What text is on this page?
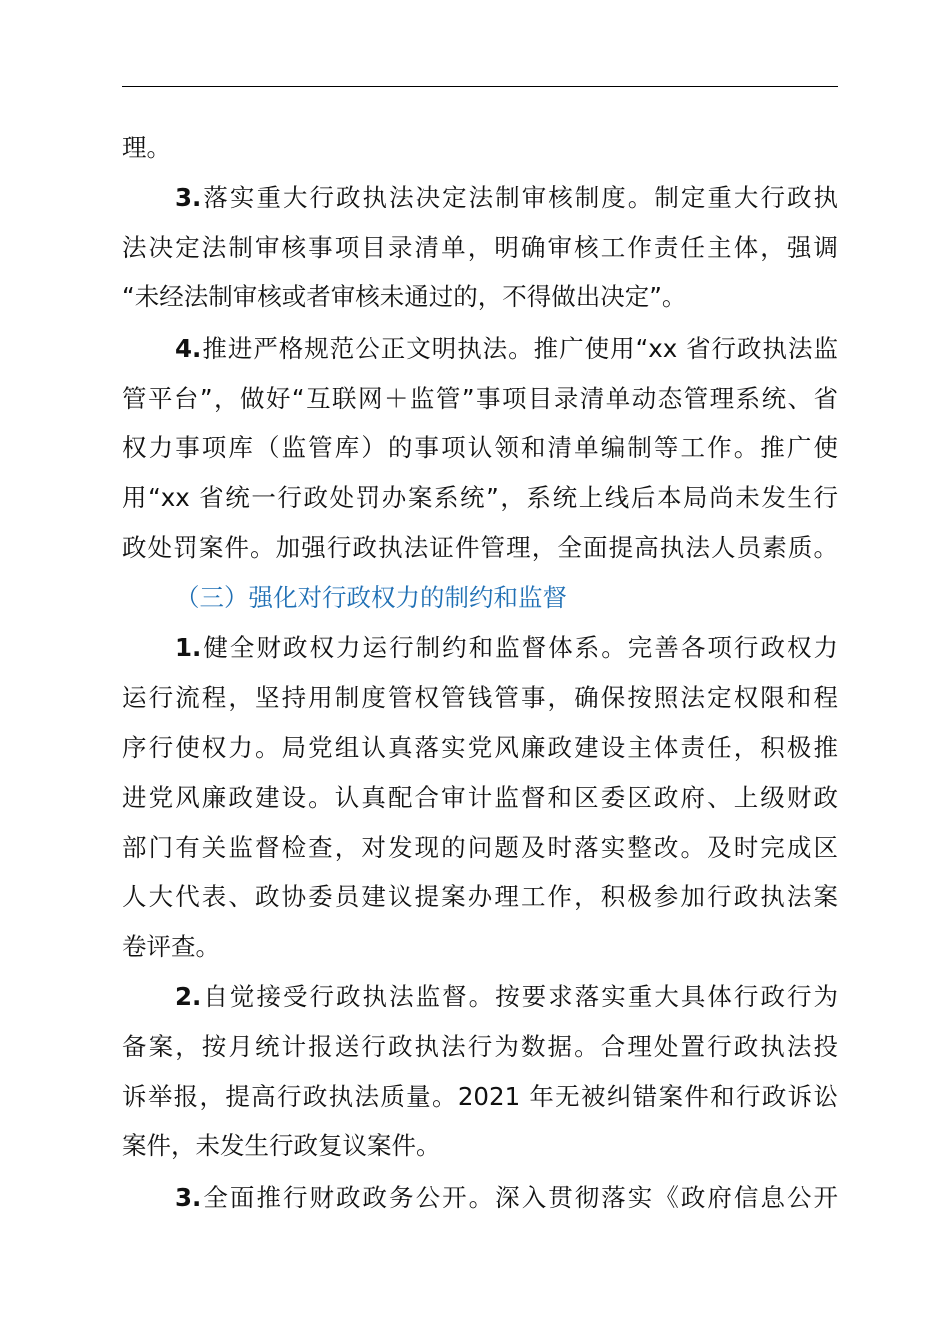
理。
3.落实重大行政执法决定法制审核制度。制定重大行政执
法决定法制审核事项目录清单，明确审核工作责任主体，强调
“未经法制审核或者审核未通过的，不得做出决定”。
4.推进严格规范公正文明执法。推广使用“xx 省行政执法监
管平台”，做好“互联网＋监管”事项目录清单动态管理系统、省
权力事项库（监管库）的事项认领和清单编制等工作。推广使
用“xx 省统一行政处罚办案系统”，系统上线后本局尚未发生行
政处罚案件。加强行政执法证件管理，全面提高执法人员素质。
（三）强化对行政权力的制约和监督
1.健全财政权力运行制约和监督体系。完善各项行政权力
运行流程，坚持用制度管权管钱管事，确保按照法定权限和程
序行使权力。局党组认真落实党风廉政建设主体责任，积极推
进党风廉政建设。认真配合审计监督和区委区政府、上级财政
部门有关监督检查，对发现的问题及时落实整改。及时完成区
人大代表、政协委员建议提案办理工作，积极参加行政执法案
卷评查。
2.自觉接受行政执法监督。按要求落实重大具体行政行为
备案，按月统计报送行政执法行为数据。合理处置行政执法投
诉举报，提高行政执法质量。2021 年无被纠错案件和行政诉讼
案件，未发生行政复议案件。
3.全面推行财政政务公开。深入贯彻落实《政府信息公开
